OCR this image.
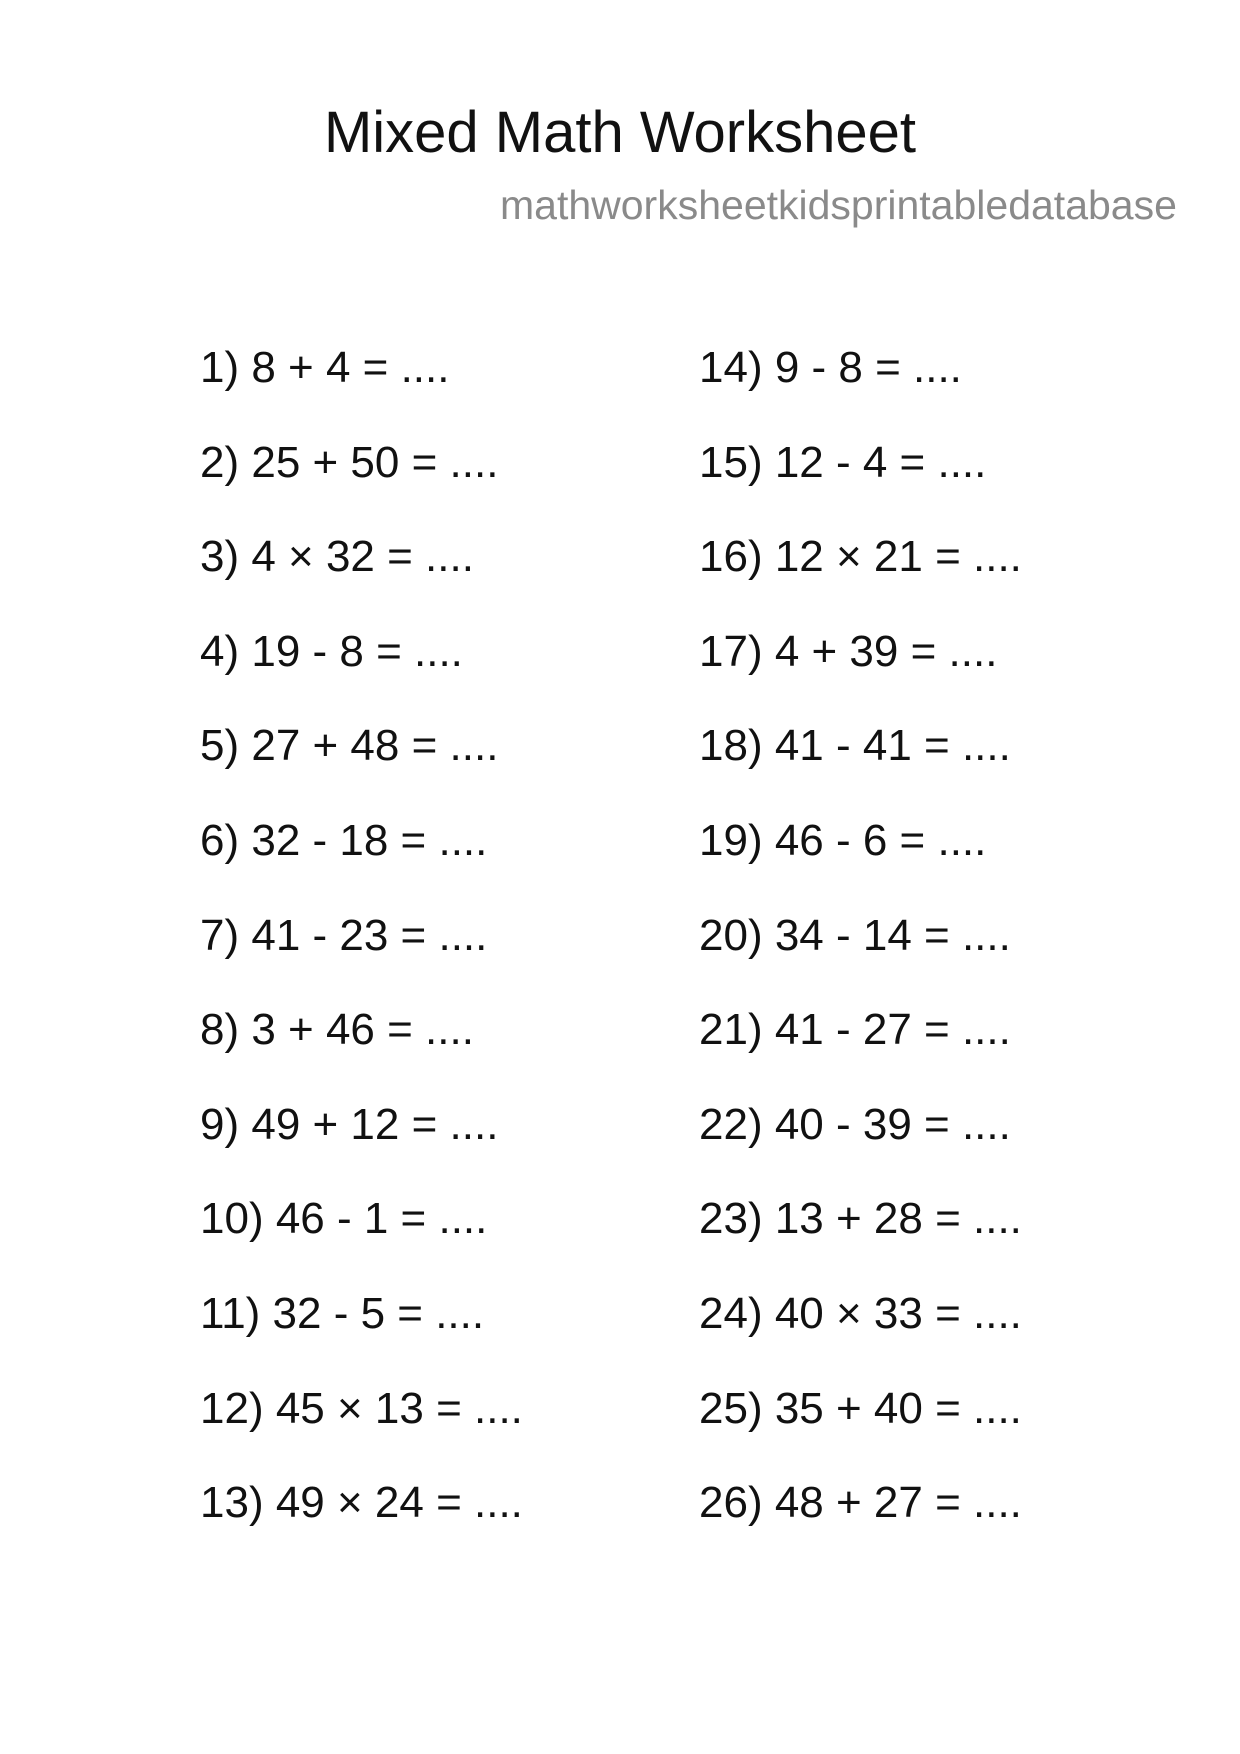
Mixed Math Worksheet
mathworksheetkidsprintabledatabase
1) 8 + 4 = ....
2) 25 + 50 = ....
3) 4 × 32 = ....
4) 19 - 8 = ....
5) 27 + 48 = ....
6) 32 - 18 = ....
7) 41 - 23 = ....
8) 3 + 46 = ....
9) 49 + 12 = ....
10) 46 - 1 = ....
11) 32 - 5 = ....
12) 45 × 13 = ....
13) 49 × 24 = ....
14) 9 - 8 = ....
15) 12 - 4 = ....
16) 12 × 21 = ....
17) 4 + 39 = ....
18) 41 - 41 = ....
19) 46 - 6 = ....
20) 34 - 14 = ....
21) 41 - 27 = ....
22) 40 - 39 = ....
23) 13 + 28 = ....
24) 40 × 33 = ....
25) 35 + 40 = ....
26) 48 + 27 = ....
